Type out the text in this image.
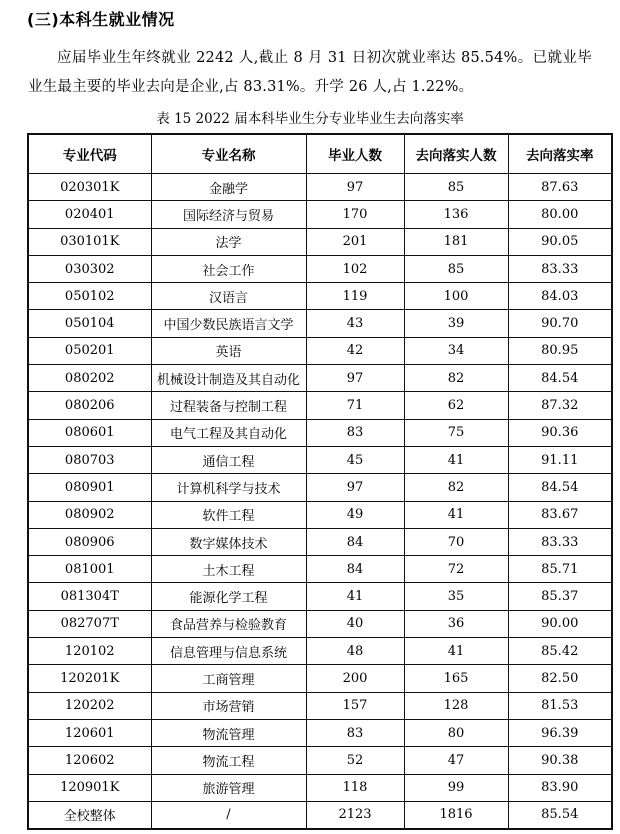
(三)本科生就业情况

应届毕业生年终就业 2242 人,截止 8 月 31 日初次就业率达 85.54%。已就业毕业生最主要的毕业去向是企业,占 83.31%。升学 26 人,占 1.22%。

表 15 2022 届本科毕业生分专业毕业生去向落实率
专业代码	专业名称	毕业人数	去向落实人数	去向落实率
020301K	金融学	97	85	87.63
020401	国际经济与贸易	170	136	80.00
030101K	法学	201	181	90.05
030302	社会工作	102	85	83.33
050102	汉语言	119	100	84.03
050104	中国少数民族语言文学	43	39	90.70
050201	英语	42	34	80.95
080202	机械设计制造及其自动化	97	82	84.54
080206	过程装备与控制工程	71	62	87.32
080601	电气工程及其自动化	83	75	90.36
080703	通信工程	45	41	91.11
080901	计算机科学与技术	97	82	84.54
080902	软件工程	49	41	83.67
080906	数字媒体技术	84	70	83.33
081001	土木工程	84	72	85.71
081304T	能源化学工程	41	35	85.37
082707T	食品营养与检验教育	40	36	90.00
120102	信息管理与信息系统	48	41	85.42
120201K	工商管理	200	165	82.50
120202	市场营销	157	128	81.53
120601	物流管理	83	80	96.39
120602	物流工程	52	47	90.38
120901K	旅游管理	118	99	83.90
全校整体	/	2123	1816	85.54
